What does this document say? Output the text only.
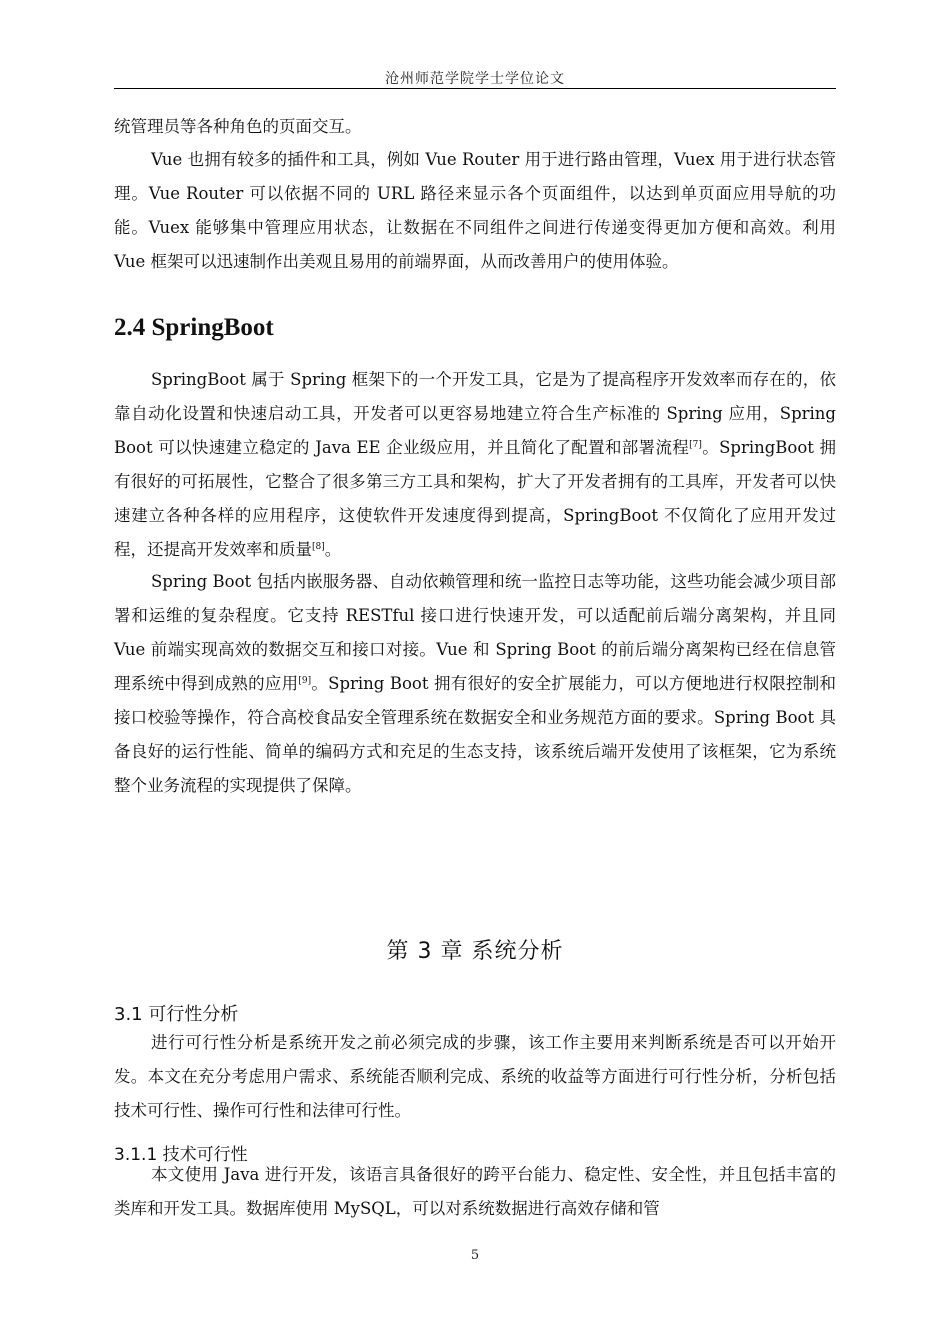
沧州师范学院学士学位论文

统管理员等各种角色的页面交互。

Vue 也拥有较多的插件和工具，例如 Vue Router 用于进行路由管理，Vuex 用于进行状态管理。Vue Router 可以依据不同的 URL 路径来显示各个页面组件，以达到单页面应用导航的功能。Vuex 能够集中管理应用状态，让数据在不同组件之间进行传递变得更加方便和高效。利用 Vue 框架可以迅速制作出美观且易用的前端界面，从而改善用户的使用体验。

2.4 SpringBoot

SpringBoot 属于 Spring 框架下的一个开发工具，它是为了提高程序开发效率而存在的，依靠自动化设置和快速启动工具，开发者可以更容易地建立符合生产标准的 Spring 应用，Spring Boot 可以快速建立稳定的 Java EE 企业级应用，并且简化了配置和部署流程[7]。SpringBoot 拥有很好的可拓展性，它整合了很多第三方工具和架构，扩大了开发者拥有的工具库，开发者可以快速建立各种各样的应用程序，这使软件开发速度得到提高，SpringBoot 不仅简化了应用开发过程，还提高开发效率和质量[8]。

Spring Boot 包括内嵌服务器、自动依赖管理和统一监控日志等功能，这些功能会减少项目部署和运维的复杂程度。它支持 RESTful 接口进行快速开发，可以适配前后端分离架构，并且同 Vue 前端实现高效的数据交互和接口对接。Vue 和 Spring Boot 的前后端分离架构已经在信息管理系统中得到成熟的应用[9]。Spring Boot 拥有很好的安全扩展能力，可以方便地进行权限控制和接口校验等操作，符合高校食品安全管理系统在数据安全和业务规范方面的要求。Spring Boot 具备良好的运行性能、简单的编码方式和充足的生态支持，该系统后端开发使用了该框架，它为系统整个业务流程的实现提供了保障。

第 3 章 系统分析
3.1 可行性分析

进行可行性分析是系统开发之前必须完成的步骤，该工作主要用来判断系统是否可以开始开发。本文在充分考虑用户需求、系统能否顺利完成、系统的收益等方面进行可行性分析，分析包括技术可行性、操作可行性和法律可行性。

3.1.1 技术可行性

本文使用 Java 进行开发，该语言具备很好的跨平台能力、稳定性、安全性，并且包括丰富的类库和开发工具。数据库使用 MySQL，可以对系统数据进行高效存储和管

5
